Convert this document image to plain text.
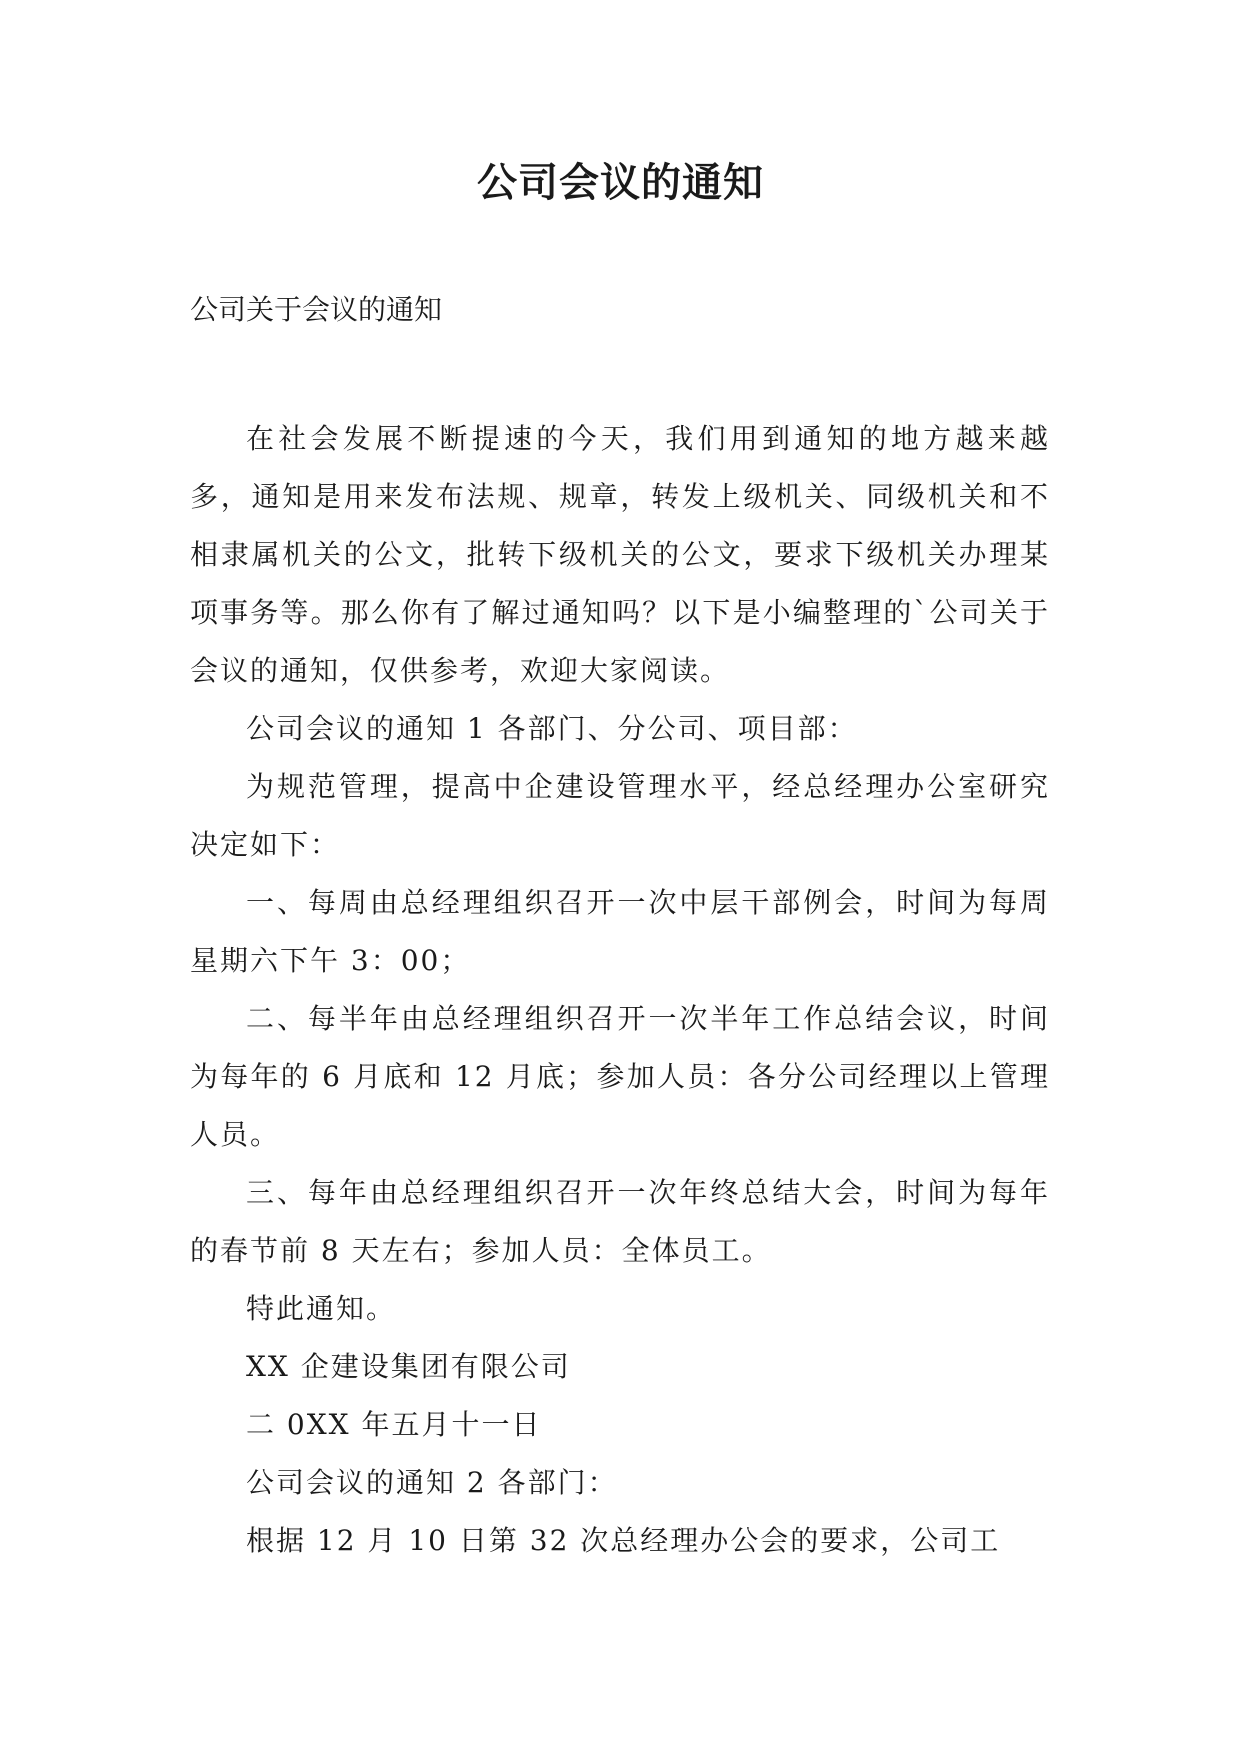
公司会议的通知

公司关于会议的通知

在社会发展不断提速的今天，我们用到通知的地方越来越多，通知是用来发布法规、规章，转发上级机关、同级机关和不相隶属机关的公文，批转下级机关的公文，要求下级机关办理某项事务等。那么你有了解过通知吗？以下是小编整理的`公司关于会议的通知，仅供参考，欢迎大家阅读。

公司会议的通知 1 各部门、分公司、项目部：

为规范管理，提高中企建设管理水平，经总经理办公室研究决定如下：

一、每周由总经理组织召开一次中层干部例会，时间为每周星期六下午 3：00；

二、每半年由总经理组织召开一次半年工作总结会议，时间为每年的 6 月底和 12 月底；参加人员：各分公司经理以上管理人员。

三、每年由总经理组织召开一次年终总结大会，时间为每年的春节前 8 天左右；参加人员：全体员工。

特此通知。

XX 企建设集团有限公司

二 0XX 年五月十一日

公司会议的通知 2 各部门：

根据 12 月 10 日第 32 次总经理办公会的要求，公司工
